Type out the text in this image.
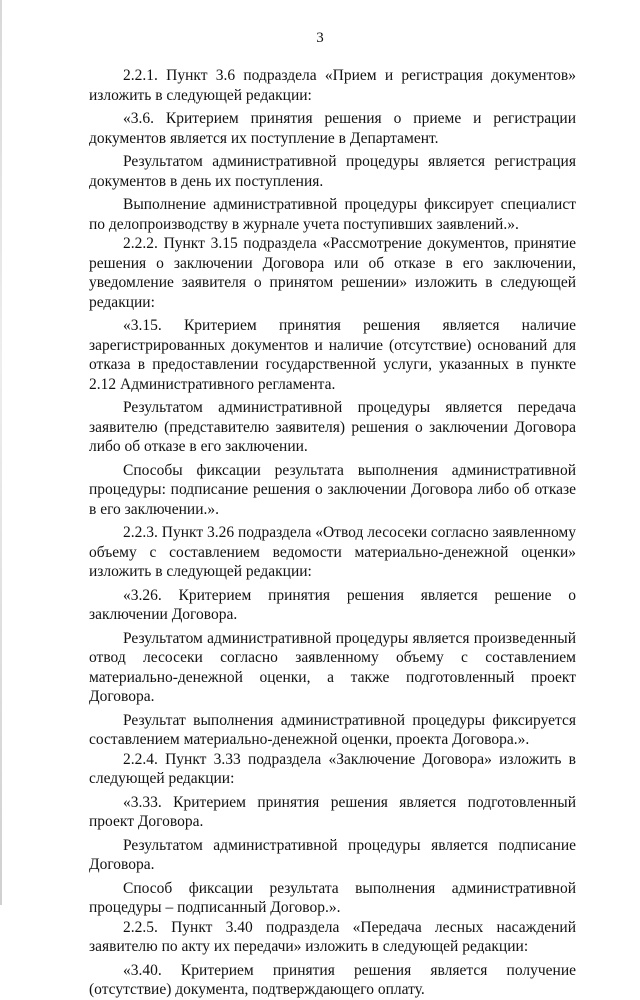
3

2.2.1. Пункт 3.6 подраздела «Прием и регистрация документов» изложить в следующей редакции:

«3.6. Критерием принятия решения о приеме и регистрации документов является их поступление в Департамент.

Результатом административной процедуры является регистрация документов в день их поступления.

Выполнение административной процедуры фиксирует специалист по делопроизводству в журнале учета поступивших заявлений.».

2.2.2. Пункт 3.15 подраздела «Рассмотрение документов, принятие решения о заключении Договора или об отказе в его заключении, уведомление заявителя о принятом решении» изложить в следующей редакции:

«3.15. Критерием принятия решения является наличие зарегистрированных документов и наличие (отсутствие) оснований для отказа в предоставлении государственной услуги, указанных в пункте 2.12 Административного регламента.

Результатом административной процедуры является передача заявителю (представителю заявителя) решения о заключении Договора либо об отказе в его заключении.

Способы фиксации результата выполнения административной процедуры: подписание решения о заключении Договора либо об отказе в его заключении.».

2.2.3. Пункт 3.26 подраздела «Отвод лесосеки согласно заявленному объему с составлением ведомости материально-денежной оценки» изложить в следующей редакции:

«3.26. Критерием принятия решения является решение о заключении Договора.

Результатом административной процедуры является произведенный отвод лесосеки согласно заявленному объему с составлением материально-денежной оценки, а также подготовленный проект Договора.

Результат выполнения административной процедуры фиксируется составлением материально-денежной оценки, проекта Договора.».

2.2.4. Пункт 3.33 подраздела «Заключение Договора» изложить в следующей редакции:

«3.33. Критерием принятия решения является подготовленный проект Договора.

Результатом административной процедуры является подписание Договора.

Способ фиксации результата выполнения административной процедуры – подписанный Договор.».

2.2.5. Пункт 3.40 подраздела «Передача лесных насаждений заявителю по акту их передачи» изложить в следующей редакции:

«3.40. Критерием принятия решения является получение (отсутствие) документа, подтверждающего оплату.
